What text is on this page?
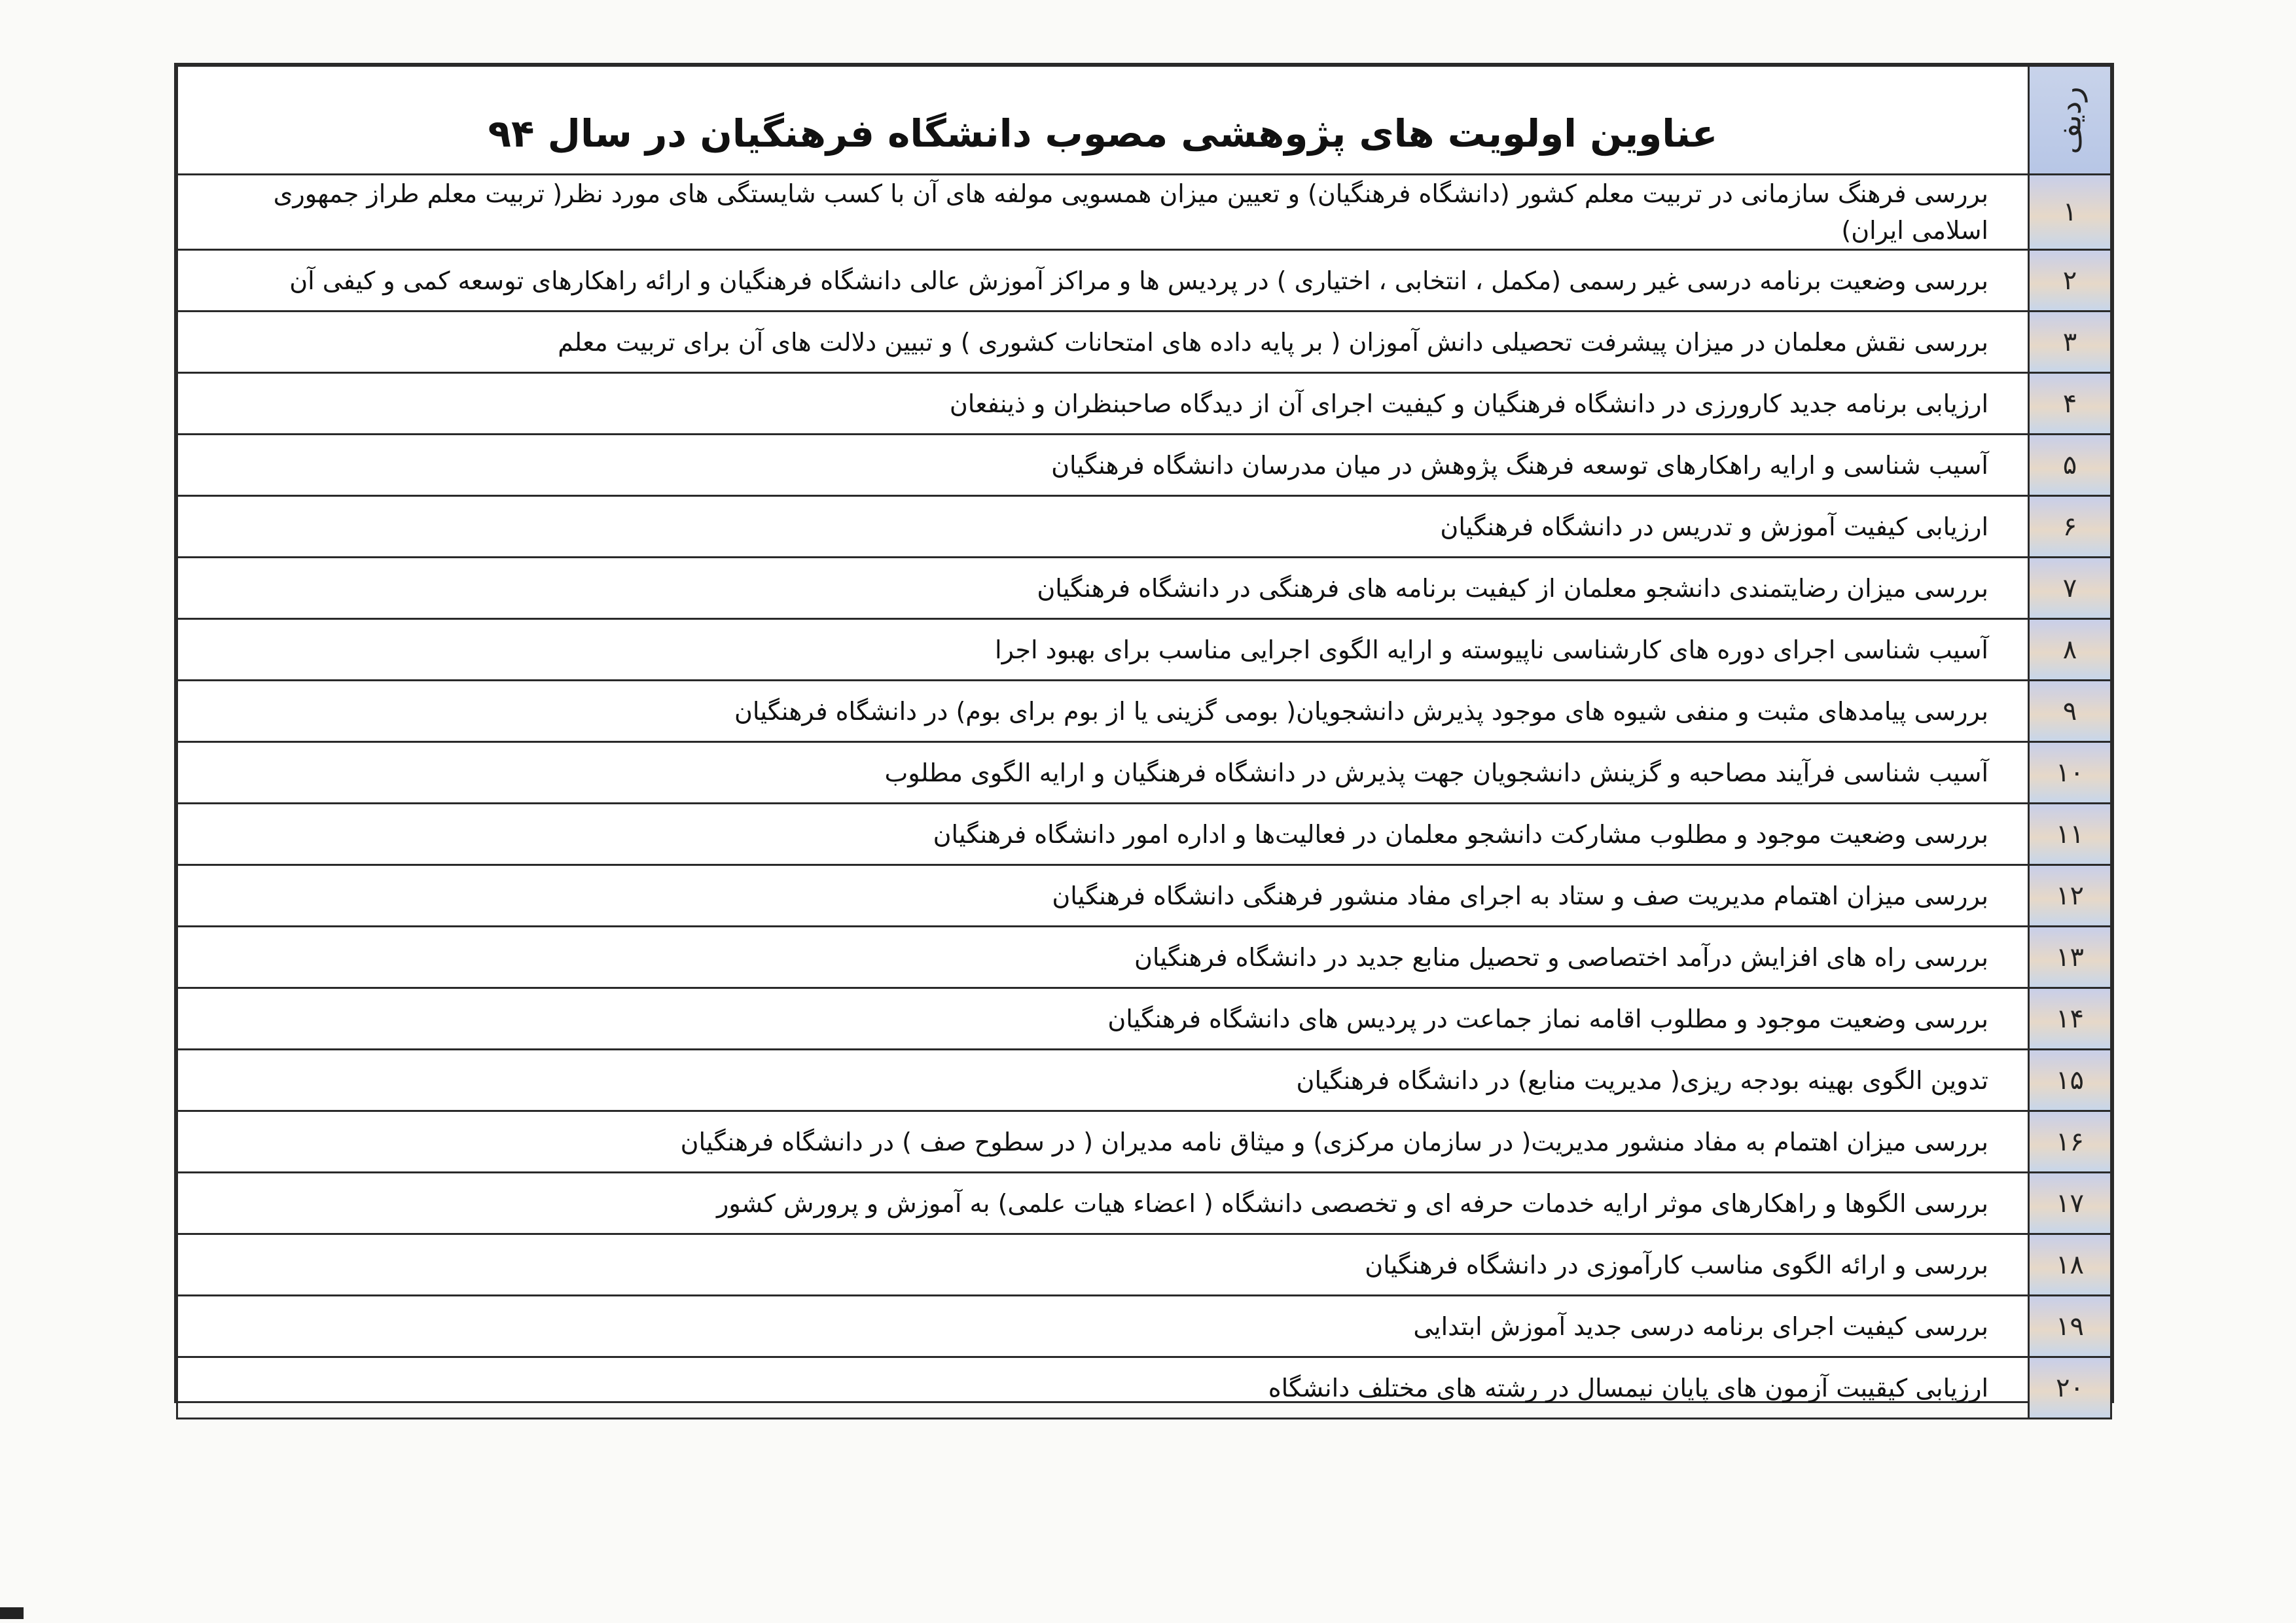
ردیف	عناوین اولویت های پژوهشی مصوب دانشگاه فرهنگیان در سال ۹۴
۱	بررسی فرهنگ سازمانی در تربیت معلم کشور (دانشگاه فرهنگیان) و تعیین میزان همسویی مولفه های آن با کسب شایستگی های مورد نظر( تربیت معلم طراز جمهوری اسلامی ایران)
۲	بررسی وضعیت برنامه درسی غیر رسمی (مکمل ، انتخابی ، اختیاری ) در پردیس ها و مراکز آموزش عالی دانشگاه فرهنگیان و ارائه راهکارهای توسعه کمی و کیفی آن
۳	بررسی نقش معلمان در میزان پیشرفت تحصیلی دانش آموزان ( بر پایه داده های امتحانات کشوری ) و تبیین دلالت های آن برای تربیت معلم
۴	ارزیابی برنامه جدید کارورزی در دانشگاه فرهنگیان و کیفیت اجرای آن از دیدگاه صاحبنظران و ذینفعان
۵	آسیب شناسی و ارایه راهکارهای توسعه فرهنگ پژوهش در میان مدرسان دانشگاه فرهنگیان
۶	ارزیابی کیفیت آموزش و تدریس در دانشگاه فرهنگیان
۷	بررسی میزان رضایتمندی دانشجو معلمان از کیفیت برنامه های فرهنگی در دانشگاه فرهنگیان
۸	آسیب شناسی اجرای دوره های کارشناسی ناپیوسته و ارایه الگوی اجرایی مناسب برای بهبود اجرا
۹	بررسی پیامدهای مثبت و منفی شیوه های موجود پذیرش دانشجویان( بومی گزینی یا از بوم برای بوم) در دانشگاه فرهنگیان
۱۰	آسیب شناسی فرآیند مصاحبه و گزینش دانشجویان جهت پذیرش در دانشگاه فرهنگیان و ارایه الگوی مطلوب
۱۱	بررسی وضعیت موجود و مطلوب مشارکت دانشجو معلمان در فعالیت‌ها و اداره امور دانشگاه فرهنگیان
۱۲	بررسی میزان اهتمام مدیریت صف و ستاد به اجرای مفاد منشور فرهنگی دانشگاه فرهنگیان
۱۳	بررسی راه های افزایش درآمد اختصاصی و تحصیل منابع جدید در دانشگاه فرهنگیان
۱۴	بررسی وضعیت موجود و مطلوب اقامه نماز جماعت در پردیس های دانشگاه فرهنگیان
۱۵	تدوین الگوی بهینه بودجه ریزی( مدیریت منابع) در دانشگاه فرهنگیان
۱۶	بررسی میزان اهتمام به مفاد منشور مدیریت( در سازمان مرکزی) و میثاق نامه مدیران ( در سطوح صف ) در دانشگاه فرهنگیان
۱۷	بررسی الگوها و راهکارهای موثر ارایه خدمات حرفه ای و تخصصی دانشگاه ( اعضاء هیات علمی) به آموزش و پرورش کشور
۱۸	بررسی و ارائه الگوی مناسب کارآموزی در دانشگاه فرهنگیان
۱۹	بررسی کیفیت اجرای برنامه درسی جدید آموزش ابتدایی
۲۰	ارزیابی کیقیبت آزمون های پایان نیمسال در رشته های مختلف دانشگاه
